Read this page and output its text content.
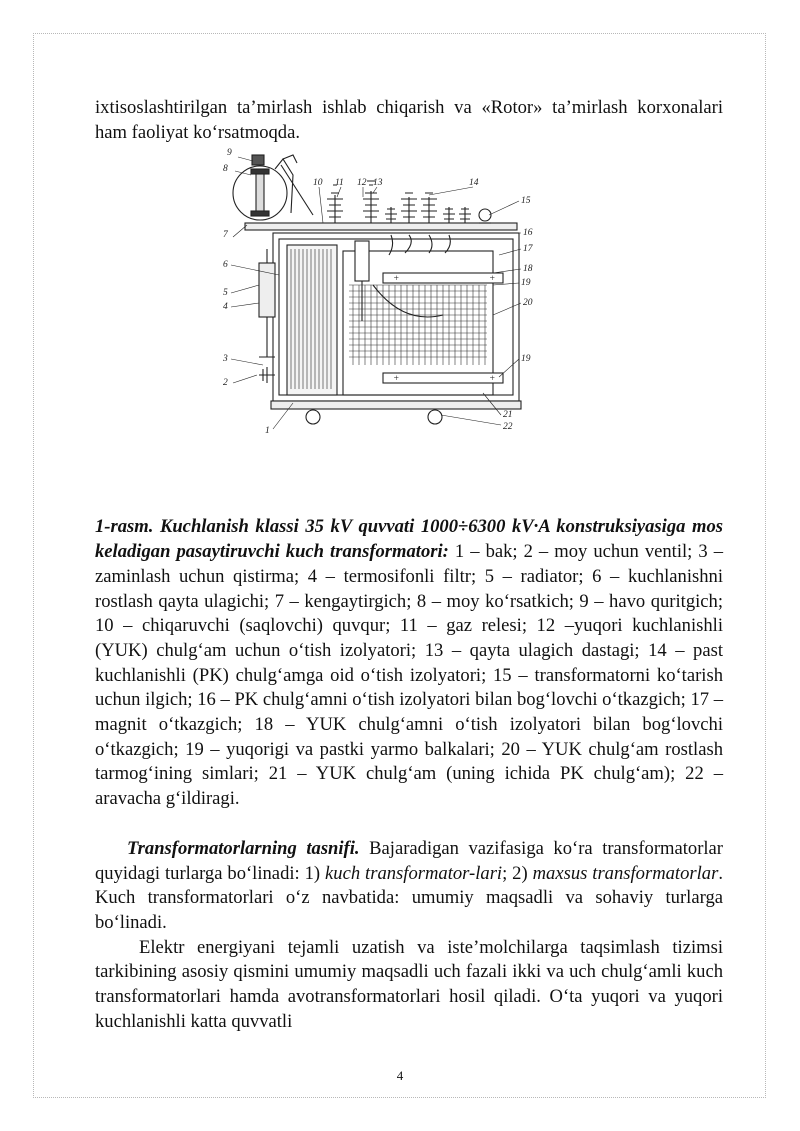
ixtisoslashtirilgan ta’mirlash ishlab chiqarish va «Rotor» ta’mirlash korxonalari ham faoliyat ko‘rsatmoqda.

+	+
+	+
9
8
7
6
5
4
3
2
1
10 11 12 13	14
15
16
17
18
19
20
19
21
22

1-rasm. Kuchlanish klassi 35 kV quvvati 1000÷6300 kV·A konstruksiyasiga mos keladigan pasaytiruvchi kuch transformatori: 1 – bak; 2 – moy uchun ventil; 3 – zaminlash uchun qistirma; 4 – termosifonli filtr; 5 – radiator; 6 – kuchlanishni rostlash qayta ulagichi; 7 – kengaytirgich; 8 – moy ko‘rsatkich; 9 – havo quritgich; 10 – chiqaruvchi (saqlovchi) quvqur; 11 – gaz relesi; 12 –yuqori kuchlanishli (YUK) chulg‘am uchun o‘tish izolyatori; 13 – qayta ulagich dastagi; 14 – past kuchlanishli (PK) chulg‘amga oid o‘tish izolyatori; 15 – transformatorni ko‘tarish uchun ilgich; 16 – PK chulg‘amni o‘tish izolyatori bilan bog‘lovchi o‘tkazgich; 17 – magnit o‘tkazgich; 18 – YUK chulg‘amni o‘tish izolyatori bilan bog‘lovchi o‘tkazgich; 19 – yuqorigi va pastki yarmo balkalari; 20 – YUK chulg‘am rostlash tarmog‘ining simlari; 21 – YUK chulg‘am (uning ichida PK chulg‘am); 22 – aravacha g‘ildiragi.

Transformatorlarning tasnifi. Bajaradigan vazifasiga ko‘ra transformatorlar quyidagi turlarga bo‘linadi: 1) kuch transformator-lari; 2) maxsus transformatorlar. Kuch transformatorlari o‘z navbatida: umumiy maqsadli va sohaviy turlarga bo‘linadi.

Elektr energiyani tejamli uzatish va iste’molchilarga taqsimlash tizimsi tarkibining asosiy qismini umumiy maqsadli uch fazali ikki va uch chulg‘amli kuch transformatorlari hamda avotransformatorlari hosil qiladi. O‘ta yuqori va yuqori kuchlanishli katta quvvatli

4
